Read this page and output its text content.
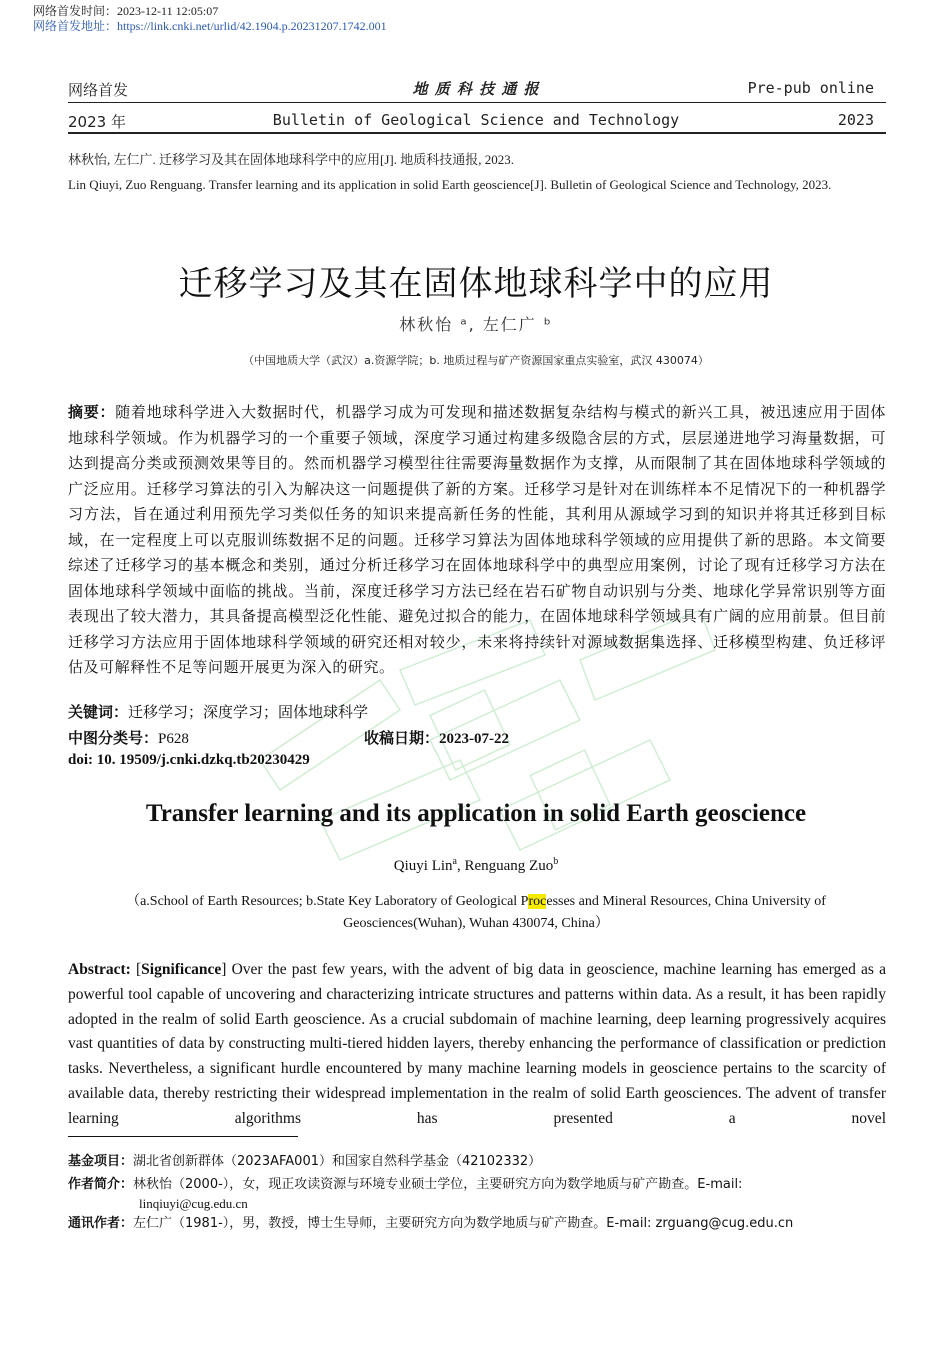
网络首发时间：2023-12-11 12:05:07
网络首发地址：https://link.cnki.net/urlid/42.1904.p.20231207.1742.001
网络首发	地 质 科 技 通 报	Pre-pub online
2023 年	Bulletin of Geological Science and Technology	2023
林秋怡, 左仁广. 迁移学习及其在固体地球科学中的应用[J]. 地质科技通报, 2023.
Lin Qiuyi, Zuo Renguang. Transfer learning and its application in solid Earth geoscience[J]. Bulletin of Geological Science and Technology, 2023.
迁移学习及其在固体地球科学中的应用
林秋怡 ᵃ, 左仁广 ᵇ
（中国地质大学（武汉）a.资源学院；b. 地质过程与矿产资源国家重点实验室，武汉 430074）
摘要：随着地球科学进入大数据时代，机器学习成为可发现和描述数据复杂结构与模式的新兴工具，被迅速应用于固体地球科学领域。作为机器学习的一个重要子领域，深度学习通过构建多级隐含层的方式，层层递进地学习海量数据，可达到提高分类或预测效果等目的。然而机器学习模型往往需要海量数据作为支撑，从而限制了其在固体地球科学领域的广泛应用。迁移学习算法的引入为解决这一问题提供了新的方案。迁移学习是针对在训练样本不足情况下的一种机器学习方法，旨在通过利用预先学习类似任务的知识来提高新任务的性能，其利用从源域学习到的知识并将其迁移到目标域，在一定程度上可以克服训练数据不足的问题。迁移学习算法为固体地球科学领域的应用提供了新的思路。本文简要综述了迁移学习的基本概念和类别，通过分析迁移学习在固体地球科学中的典型应用案例，讨论了现有迁移学习方法在固体地球科学领域中面临的挑战。当前，深度迁移学习方法已经在岩石矿物自动识别与分类、地球化学异常识别等方面表现出了较大潜力，其具备提高模型泛化性能、避免过拟合的能力，在固体地球科学领域具有广阔的应用前景。但目前迁移学习方法应用于固体地球科学领域的研究还相对较少，未来将持续针对源域数据集选择、迁移模型构建、负迁移评估及可解释性不足等问题开展更为深入的研究。
关键词：迁移学习；深度学习；固体地球科学
中图分类号：P628	收稿日期：2023-07-22
doi: 10. 19509/j.cnki.dzkq.tb20230429
Transfer learning and its application in solid Earth geoscience
Qiuyi Lin$^a$, Renguang Zuo$^b$
（a.School of Earth Resources; b.State Key Laboratory of Geological Processes and Mineral Resources, China University of Geosciences(Wuhan), Wuhan 430074, China）
Abstract: [Significance] Over the past few years, with the advent of big data in geoscience, machine learning has emerged as a powerful tool capable of uncovering and characterizing intricate structures and patterns within data. As a result, it has been rapidly adopted in the realm of solid Earth geoscience. As a crucial subdomain of machine learning, deep learning progressively acquires vast quantities of data by constructing multi-tiered hidden layers, thereby enhancing the performance of classification or prediction tasks. Nevertheless, a significant hurdle encountered by many machine learning models in geoscience pertains to the scarcity of available data, thereby restricting their widespread implementation in the realm of solid Earth geosciences. The advent of transfer learning algorithms has presented a novel
基金项目：湖北省创新群体（2023AFA001）和国家自然科学基金（42102332）
作者简介：林秋怡（2000-），女，现正攻读资源与环境专业硕士学位，主要研究方向为数学地质与矿产勘查。E-mail:
linqiuyi@cug.edu.cn
通讯作者：左仁广（1981-），男，教授，博士生导师，主要研究方向为数学地质与矿产勘查。E-mail: zrguang@cug.edu.cn
